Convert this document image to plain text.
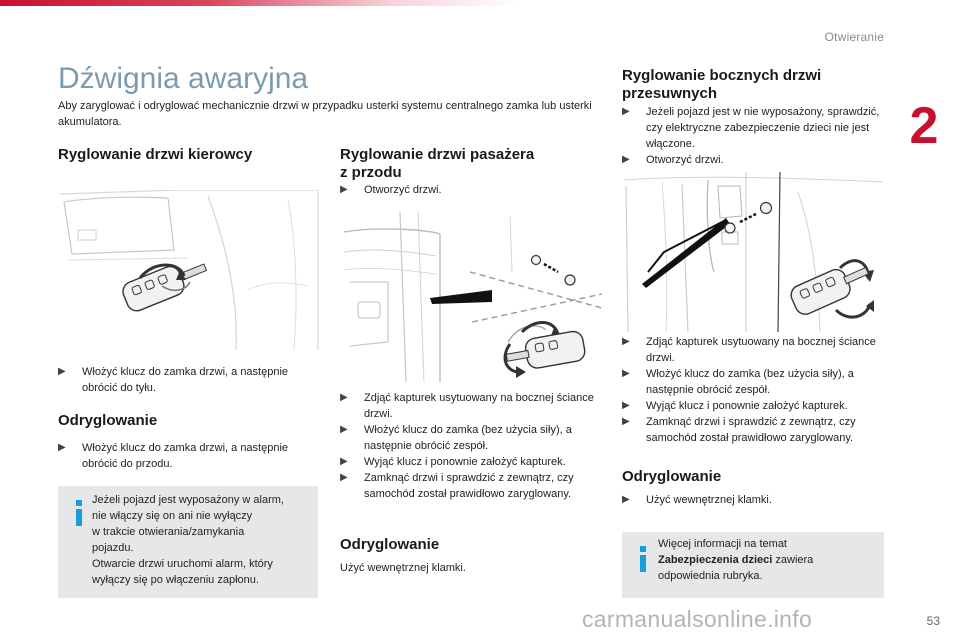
Otwieranie
2
Dźwignia awaryjna
Aby zaryglować i odryglować mechanicznie drzwi w przypadku usterki systemu centralnego zamka lub usterki akumulatora.
Ryglowanie drzwi kierowcy
▶ Włożyć klucz do zamka drzwi, a następnie obrócić do tyłu.
Odryglowanie
▶ Włożyć klucz do zamka drzwi, a następnie obrócić do przodu.
Jeżeli pojazd jest wyposażony w alarm,
nie włączy się on ani nie wyłączy
w trakcie otwierania/zamykania
pojazdu.
Otwarcie drzwi uruchomi alarm, który
wyłączy się po włączeniu zapłonu.
Ryglowanie drzwi pasażera
z przodu
▶ Otworzyć drzwi.
▶ Zdjąć kapturek usytuowany na bocznej ściance drzwi.
▶ Włożyć klucz do zamka (bez użycia siły), a następnie obrócić zespół.
▶ Wyjąć klucz i ponownie założyć kapturek.
▶ Zamknąć drzwi i sprawdzić z zewnątrz, czy samochód został prawidłowo zaryglowany.
Odryglowanie
Użyć wewnętrznej klamki.
Ryglowanie bocznych drzwi
przesuwnych
▶ Jeżeli pojazd jest w nie wyposażony, sprawdzić, czy elektryczne zabezpieczenie dzieci nie jest włączone.
▶ Otworzyć drzwi.
▶ Zdjąć kapturek usytuowany na bocznej ściance drzwi.
▶ Włożyć klucz do zamka (bez użycia siły), a następnie obrócić zespół.
▶ Wyjąć klucz i ponownie założyć kapturek.
▶ Zamknąć drzwi i sprawdzić z zewnątrz, czy samochód został prawidłowo zaryglowany.
Odryglowanie
▶ Użyć wewnętrznej klamki.
Więcej informacji na temat
Zabezpieczenia dzieci zawiera
odpowiednia rubryka.
carmanualsonline.info	53
